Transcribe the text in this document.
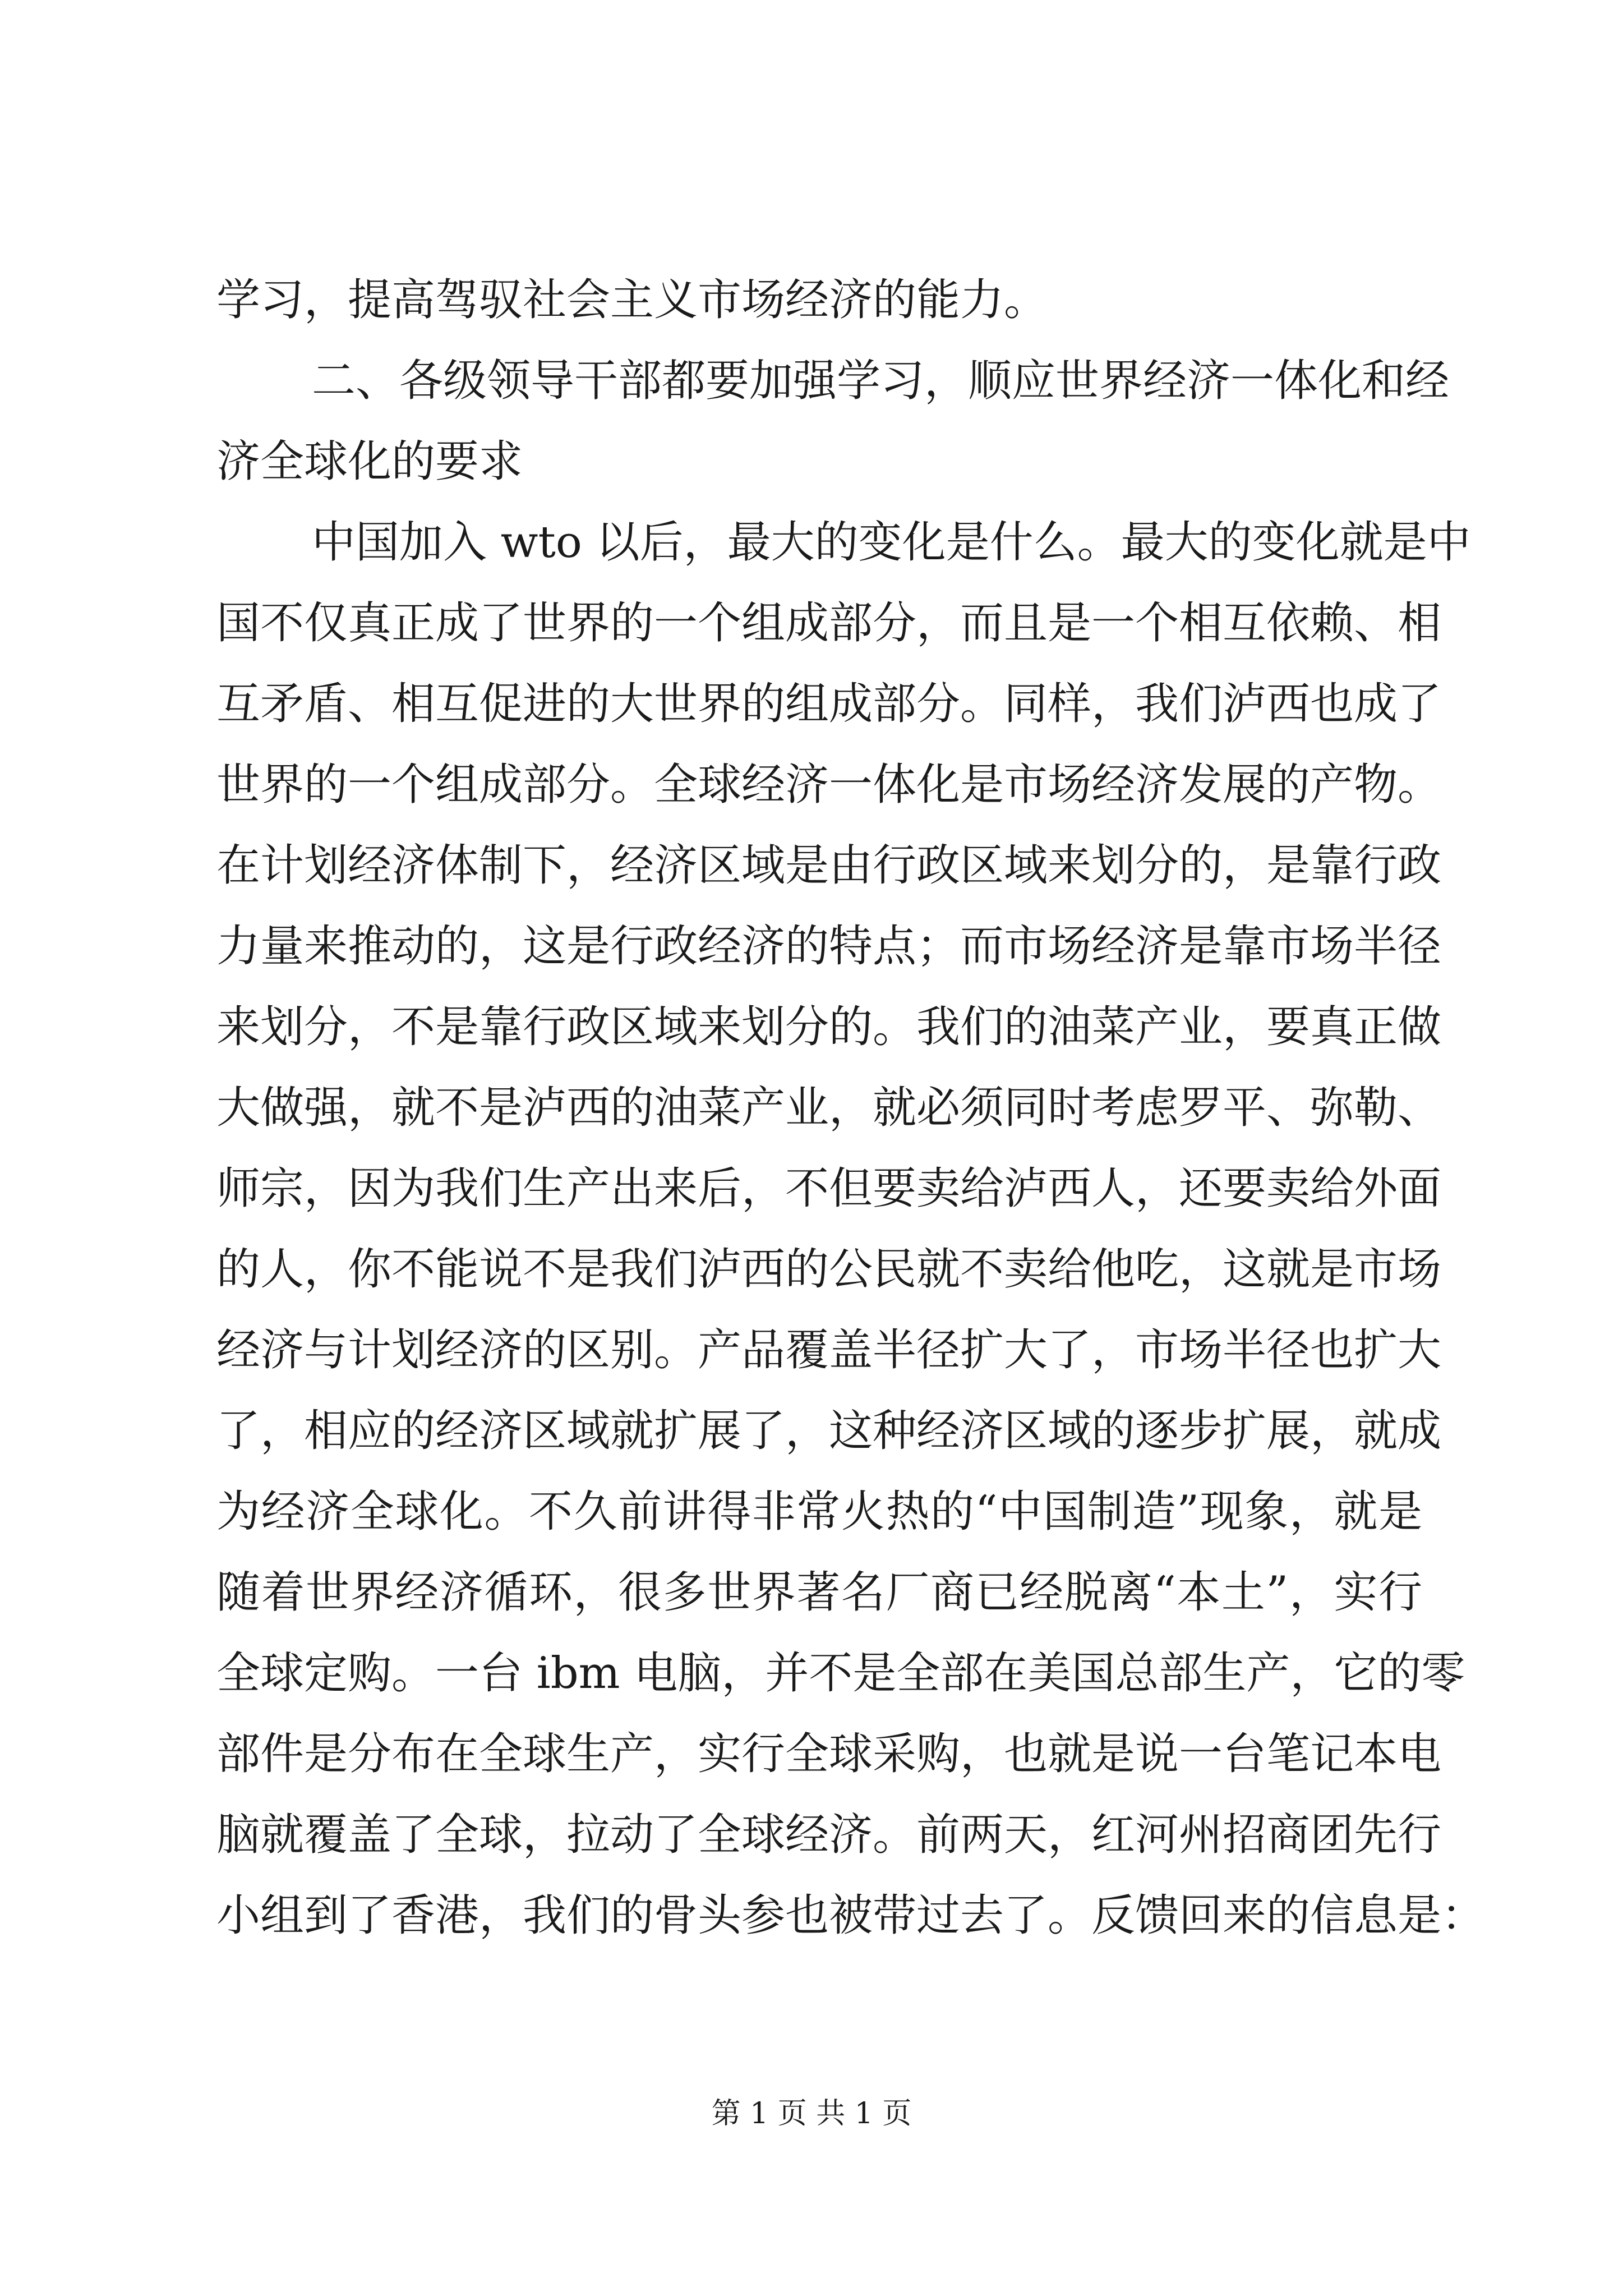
学习，提高驾驭社会主义市场经济的能力。
二、各级领导干部都要加强学习，顺应世界经济一体化和经
济全球化的要求
中国加入 wto 以后，最大的变化是什么。最大的变化就是中
国不仅真正成了世界的一个组成部分，而且是一个相互依赖、相
互矛盾、相互促进的大世界的组成部分。同样，我们泸西也成了
世界的一个组成部分。全球经济一体化是市场经济发展的产物。
在计划经济体制下，经济区域是由行政区域来划分的，是靠行政
力量来推动的，这是行政经济的特点；而市场经济是靠市场半径
来划分，不是靠行政区域来划分的。我们的油菜产业，要真正做
大做强，就不是泸西的油菜产业，就必须同时考虑罗平、弥勒、
师宗，因为我们生产出来后，不但要卖给泸西人，还要卖给外面
的人，你不能说不是我们泸西的公民就不卖给他吃，这就是市场
经济与计划经济的区别。产品覆盖半径扩大了，市场半径也扩大
了，相应的经济区域就扩展了，这种经济区域的逐步扩展，就成
为经济全球化。不久前讲得非常火热的“中国制造”现象，就是
随着世界经济循环，很多世界著名厂商已经脱离“本土”，实行
全球定购。一台 ibm 电脑，并不是全部在美国总部生产，它的零
部件是分布在全球生产，实行全球采购，也就是说一台笔记本电
脑就覆盖了全球，拉动了全球经济。前两天，红河州招商团先行
小组到了香港，我们的骨头参也被带过去了。反馈回来的信息是：
第 1 页 共 1 页
